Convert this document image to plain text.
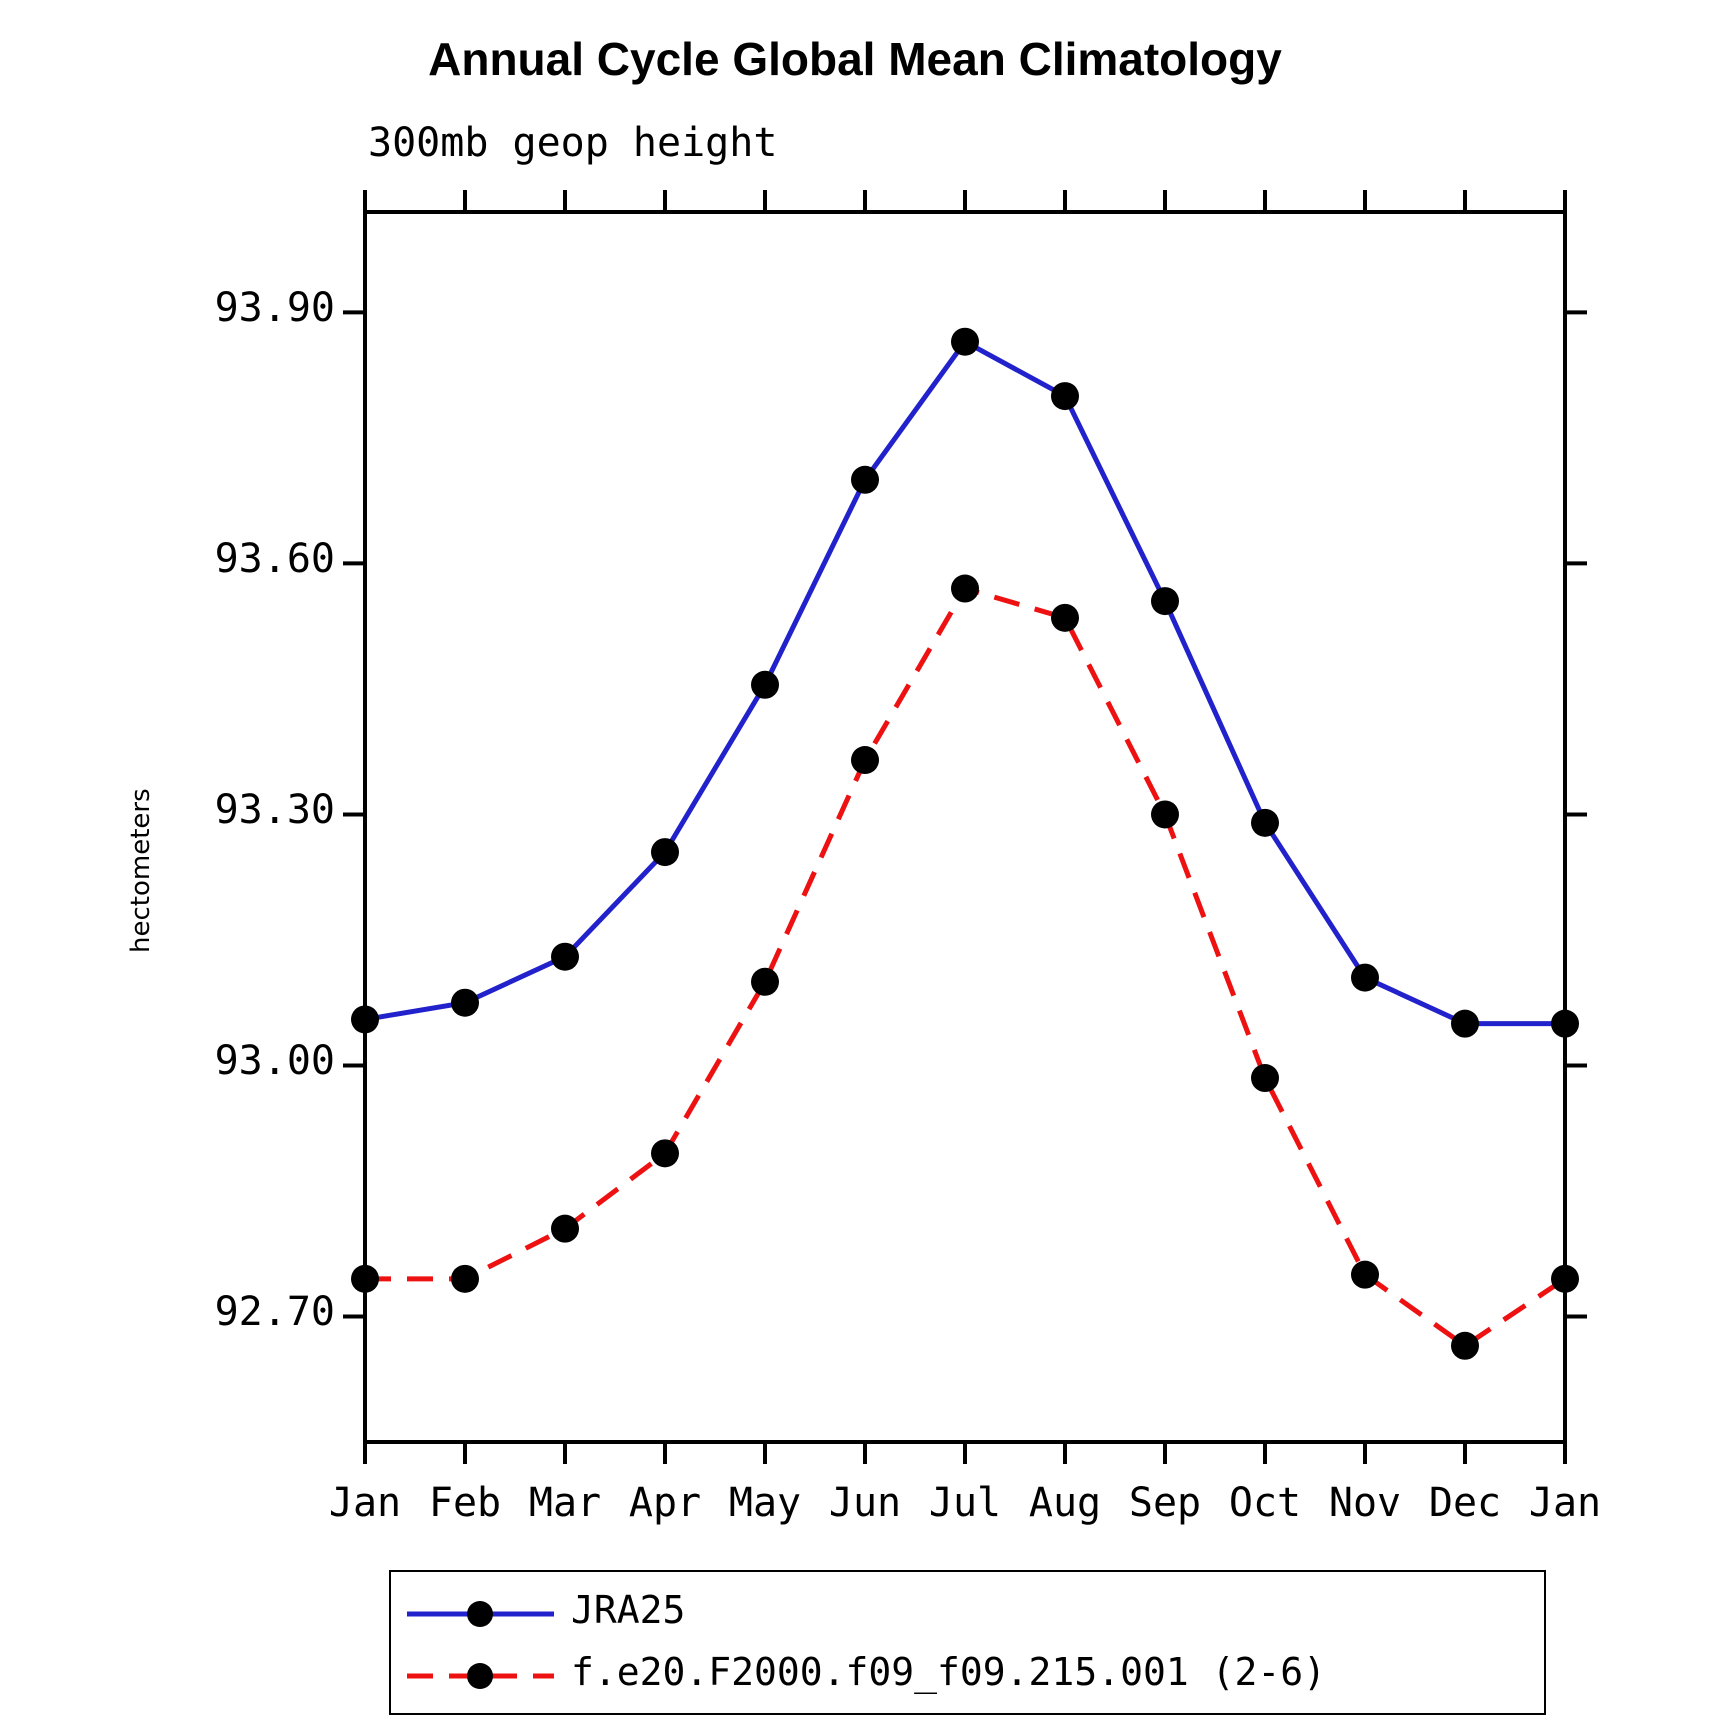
Annual Cycle Global Mean Climatology
300mb geop height
hectometers
92.70
93.00
93.30
93.60
93.90
Jan Feb Mar Apr May Jun Jul Aug Sep Oct Nov Dec Jan
JRA25
f.e20.F2000.f09_f09.215.001 (2-6)
